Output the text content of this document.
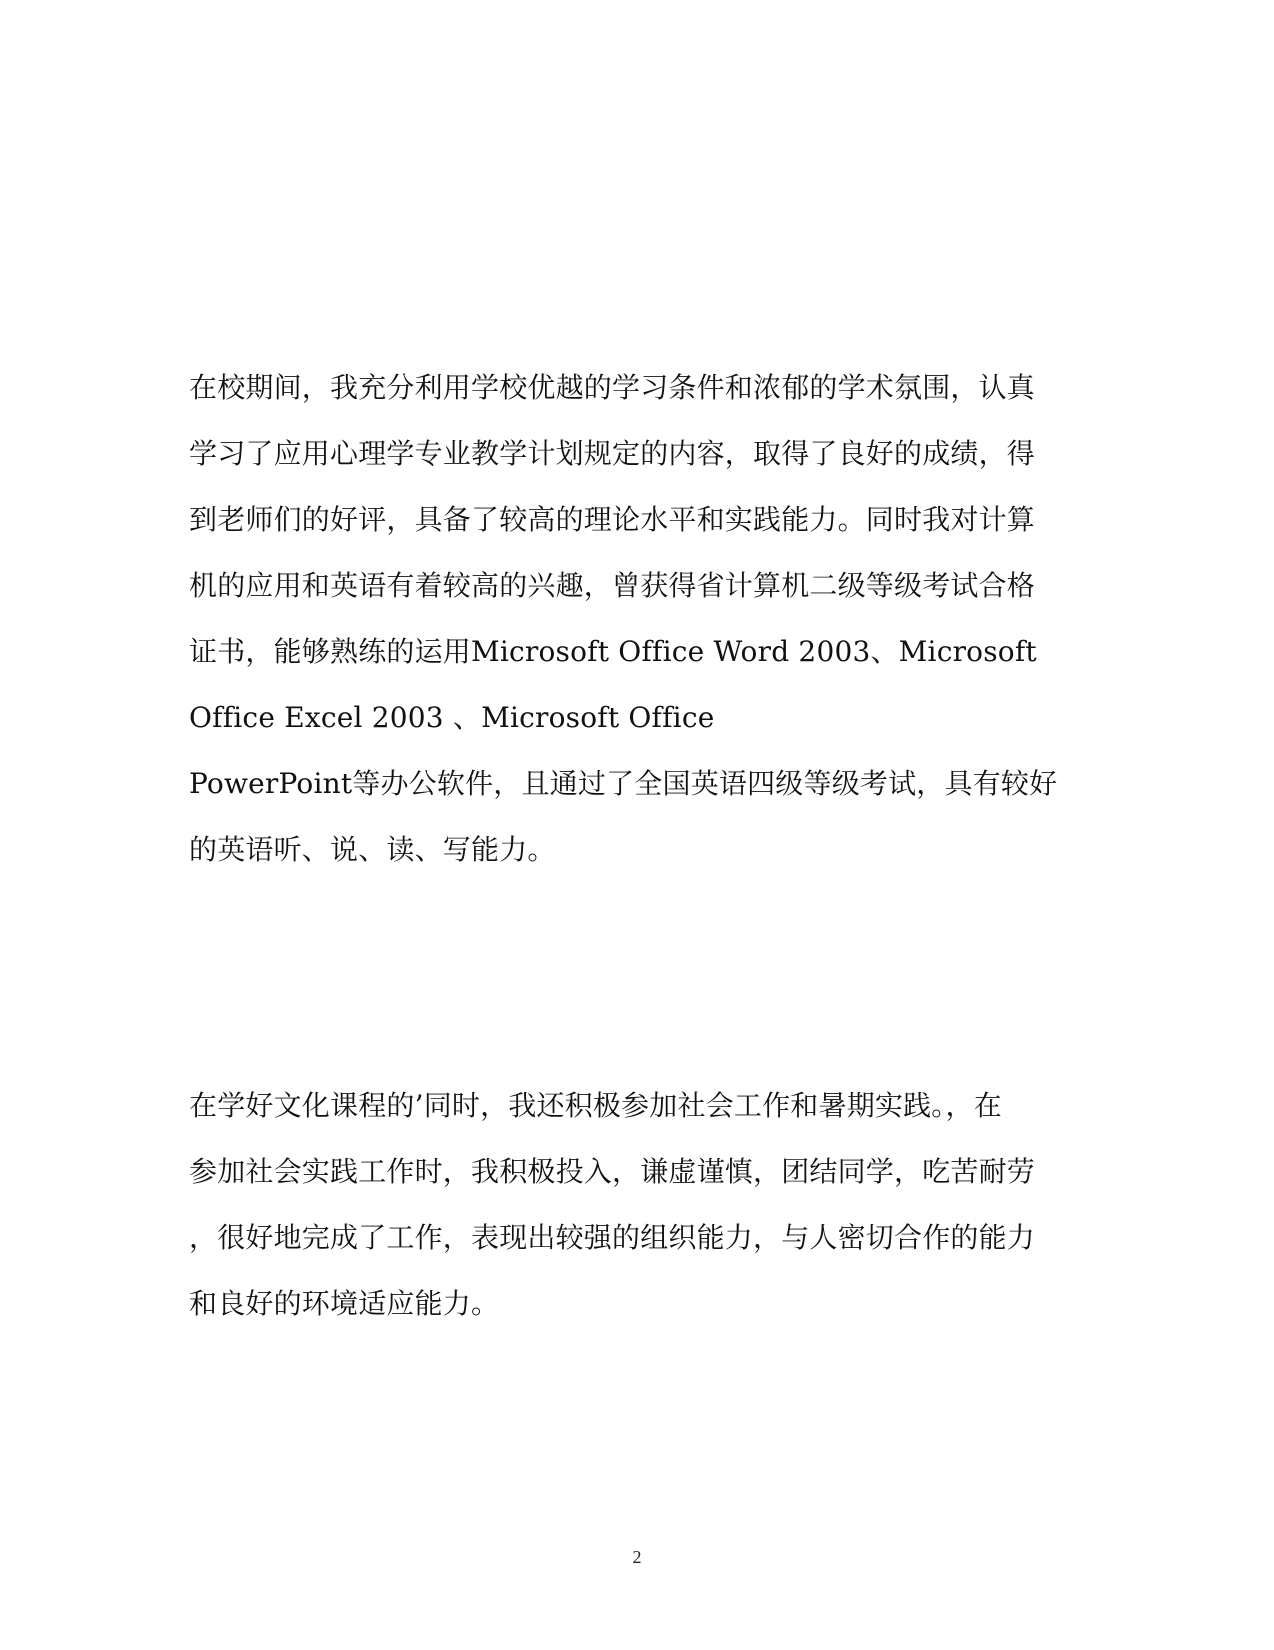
在校期间，我充分利用学校优越的学习条件和浓郁的学术氛围，认真
学习了应用心理学专业教学计划规定的内容，取得了良好的成绩，得
到老师们的好评，具备了较高的理论水平和实践能力。同时我对计算
机的应用和英语有着较高的兴趣，曾获得省计算机二级等级考试合格
证书，能够熟练的运用Microsoft Office Word 2003、Microsoft
Office Excel 2003 、Microsoft Office
PowerPoint等办公软件，且通过了全国英语四级等级考试，具有较好
的英语听、说、读、写能力。

在学好文化课程的’同时，我还积极参加社会工作和暑期实践。，在
参加社会实践工作时，我积极投入，谦虚谨慎，团结同学，吃苦耐劳
，很好地完成了工作，表现出较强的组织能力，与人密切合作的能力
和良好的环境适应能力。

2
